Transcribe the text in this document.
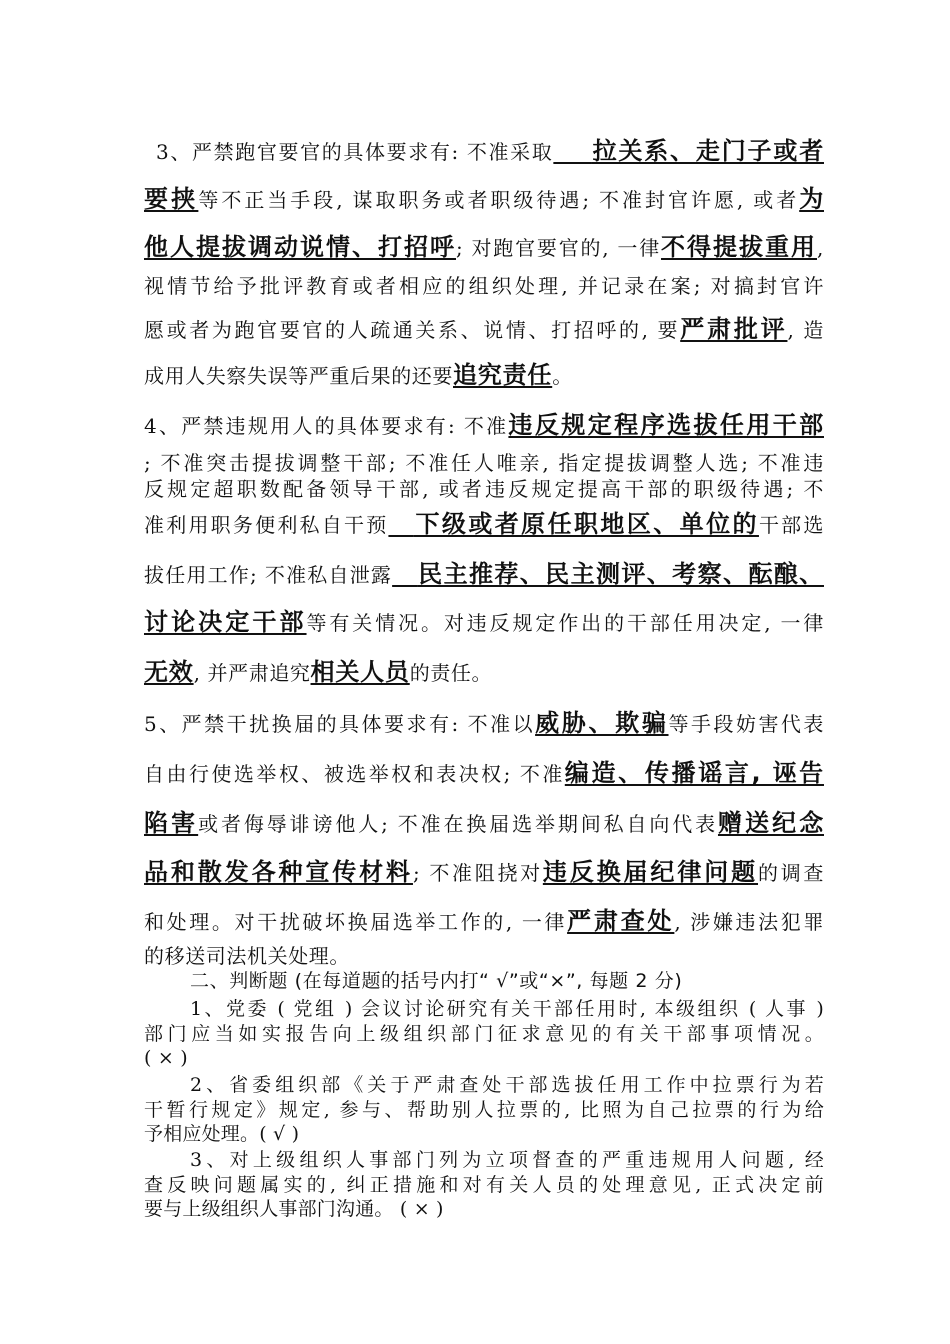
3、严禁跑官要官的具体要求有: 不准采取    拉关系、走门子或者
要挟等不正当手段, 谋取职务或者职级待遇; 不准封官许愿, 或者为
他人提拔调动说情、打招呼; 对跑官要官的, 一律不得提拔重用,
视情节给予批评教育或者相应的组织处理, 并记录在案; 对搞封官许
愿或者为跑官要官的人疏通关系、说情、打招呼的, 要严肃批评, 造
成用人失察失误等严重后果的还要追究责任。
4、严禁违规用人的具体要求有: 不准违反规定程序选拔任用干部
; 不准突击提拔调整干部; 不准任人唯亲, 指定提拔调整人选; 不准违
反规定超职数配备领导干部, 或者违反规定提高干部的职级待遇; 不
准利用职务便利私自干预   下级或者原任职地区、单位的干部选
拔任用工作; 不准私自泄露   民主推荐、民主测评、考察、酝酿、
讨论决定干部等有关情况。对违反规定作出的干部任用决定, 一律
无效, 并严肃追究相关人员的责任。
5、严禁干扰换届的具体要求有: 不准以威胁、欺骗等手段妨害代表
自由行使选举权、被选举权和表决权; 不准编造、传播谣言, 诬告
陷害或者侮辱诽谤他人; 不准在换届选举期间私自向代表赠送纪念
品和散发各种宣传材料; 不准阻挠对违反换届纪律问题的调查
和处理。对干扰破坏换届选举工作的, 一律严肃查处, 涉嫌违法犯罪
的移送司法机关处理。
二、判断题 (在每道题的括号内打“ √”或“×”, 每题 2 分)
1、党委 ( 党组 ) 会议讨论研究有关干部任用时, 本级组织 ( 人事 )
部门应当如实报告向上级组织部门征求意见的有关干部事项情况。
( × )
2、省委组织部《关于严肃查处干部选拔任用工作中拉票行为若
干暂行规定》规定, 参与、帮助别人拉票的, 比照为自己拉票的行为给
予相应处理。( √ )
3、对上级组织人事部门列为立项督查的严重违规用人问题, 经
查反映问题属实的, 纠正措施和对有关人员的处理意见, 正式决定前
要与上级组织人事部门沟通。 ( × )
